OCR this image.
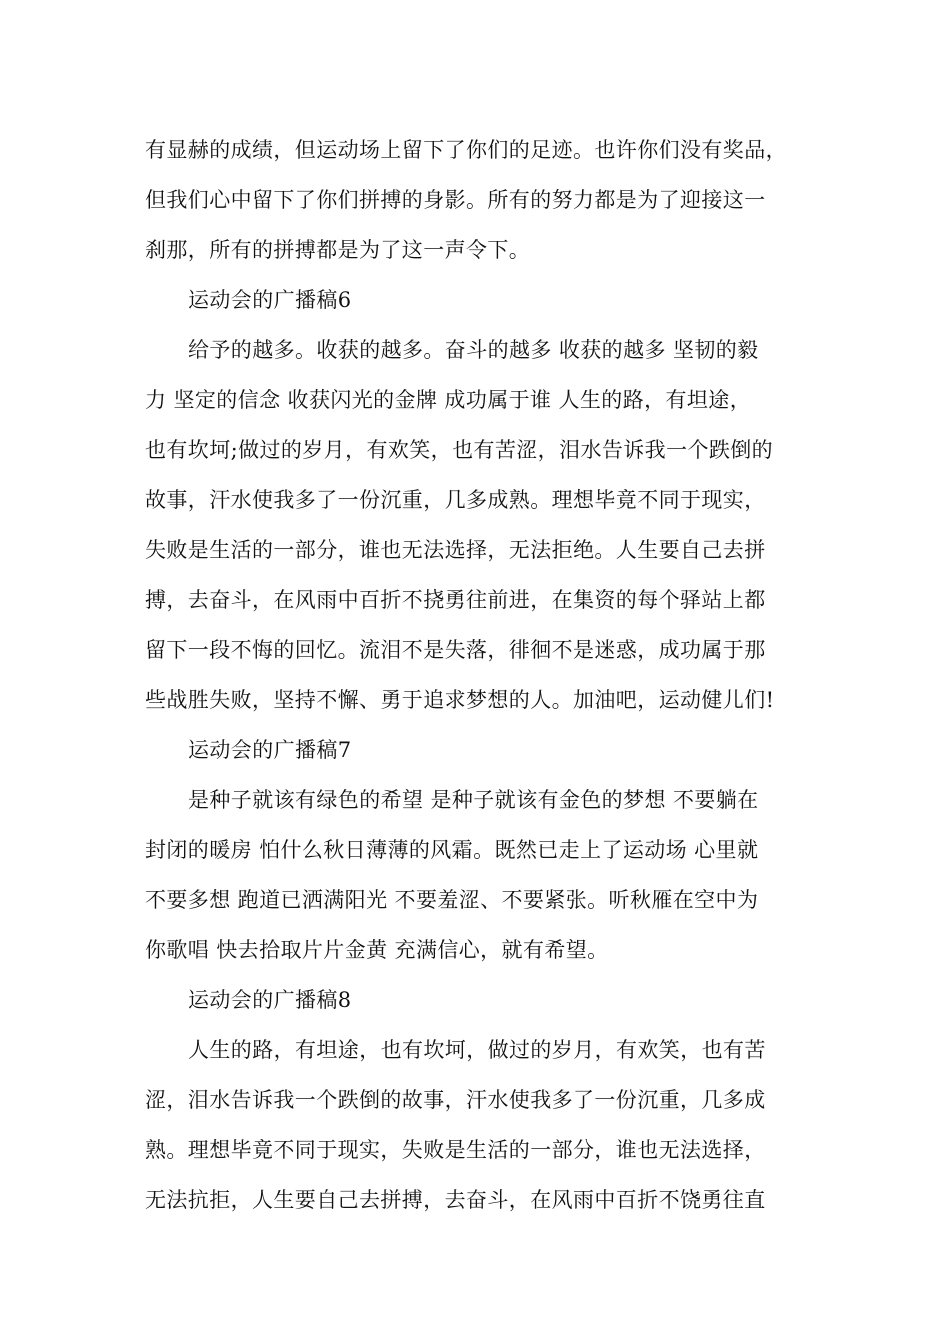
有显赫的成绩，但运动场上留下了你们的足迹。也许你们没有奖品，
但我们心中留下了你们拼搏的身影。所有的努力都是为了迎接这一
刹那，所有的拼搏都是为了这一声令下。
运动会的广播稿6
给予的越多。收获的越多。奋斗的越多 收获的越多 坚韧的毅
力 坚定的信念 收获闪光的金牌 成功属于谁 人生的路，有坦途，
也有坎坷;做过的岁月，有欢笑，也有苦涩，泪水告诉我一个跌倒的
故事，汗水使我多了一份沉重，几多成熟。理想毕竟不同于现实，
失败是生活的一部分，谁也无法选择，无法拒绝。人生要自己去拼
搏，去奋斗，在风雨中百折不挠勇往前进，在集资的每个驿站上都
留下一段不悔的回忆。流泪不是失落，徘徊不是迷惑，成功属于那
些战胜失败，坚持不懈、勇于追求梦想的人。加油吧，运动健儿们!
运动会的广播稿7
是种子就该有绿色的希望 是种子就该有金色的梦想 不要躺在
封闭的暖房 怕什么秋日薄薄的风霜。既然已走上了运动场 心里就
不要多想 跑道已洒满阳光 不要羞涩、不要紧张。听秋雁在空中为
你歌唱 快去拾取片片金黄 充满信心，就有希望。
运动会的广播稿8
人生的路，有坦途，也有坎坷，做过的岁月，有欢笑，也有苦
涩，泪水告诉我一个跌倒的故事，汗水使我多了一份沉重，几多成
熟。理想毕竟不同于现实，失败是生活的一部分，谁也无法选择，
无法抗拒，人生要自己去拼搏，去奋斗，在风雨中百折不饶勇往直
